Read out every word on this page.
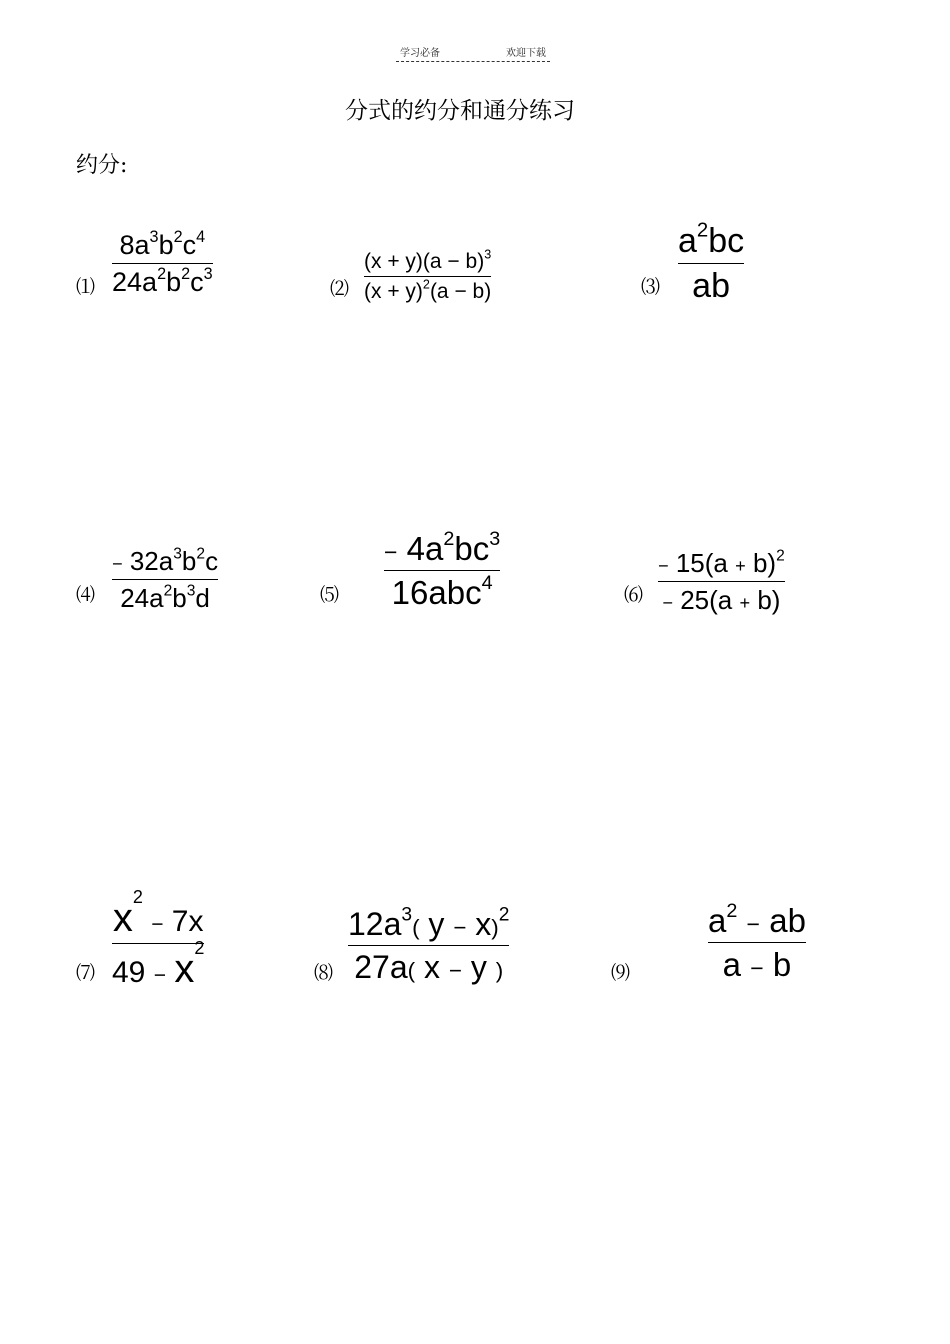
学习必备	欢迎下载
分式的约分和通分练习
约分:
⑴
$8a^3b^2c^4$
$24a^2b^2c^3$
⑵
$(x + y)(a - b)^3$
$(x + y)^2(a - b)$	⑶
$a^2bc$
ab
⑷
− $32a^3b^2c$
$24a^2b^3d$	⑸
− $4a^2bc^3$
16abc$^4$
⑹
− $15(a + b)^2$
− 25(a + b)
⑺
$x^2 - 7x$
$49 - x^2$
⑻
$12a^3$( y − x)$^2$
27a( x − y )	⑼
$a^2$ − ab
a − b
